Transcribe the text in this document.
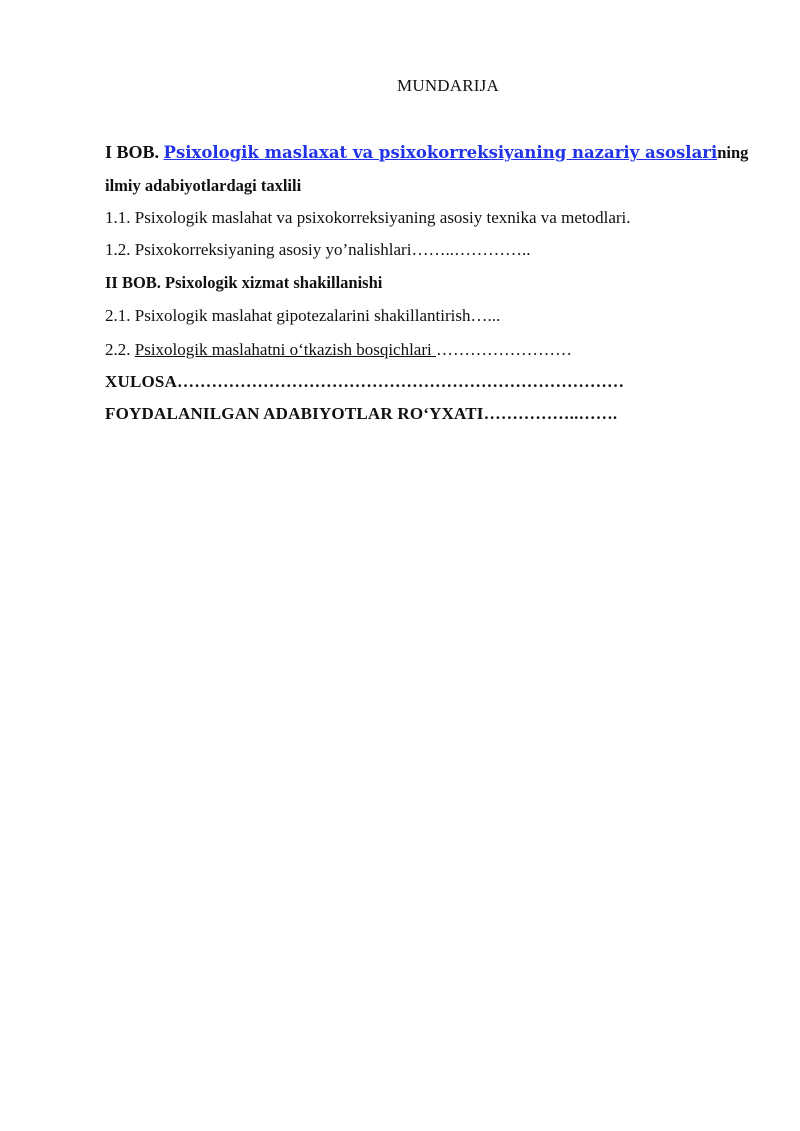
MUNDARIJA
I BOB. Psixologik maslaxat va psixokorreksiyaning nazariy asoslarining
ilmiy adabiyotlardagi taxlili
1.1. Psixologik maslahat va psixokorreksiyaning asosiy texnika va metodlari.
1.2. Psixokorreksiyaning asosiy yo’nalishlari……..…………..
II BOB. Psixologik xizmat shakillanishi
2.1. Psixologik maslahat gipotezalarini shakillantirish…...
2.2. Psixologik maslahatni o‘tkazish bosqichlari ……………………
XULOSA……………………………………………………………………
FOYDALANILGAN ADABIYOTLAR RO‘YXATI……………..…….
